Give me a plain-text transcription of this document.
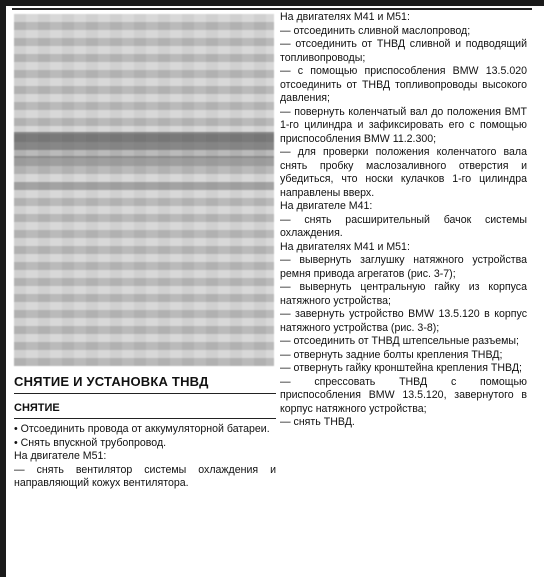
На двигателях М41 и М51:

— отсоединить сливной маслопровод;

— отсоединить от ТНВД сливной и подводящий топливопроводы;

— с помощью приспособления BMW 13.5.020 отсоединить от ТНВД топливопроводы высокого давления;

— повернуть коленчатый вал до положения ВМТ 1-го цилиндра и зафиксировать его с помощью приспособления BMW 11.2.300;

— для проверки положения коленчатого вала снять пробку маслозаливного отверстия и убедиться, что носки кулачков 1-го цилиндра направлены вверх.

На двигателе М41:

— снять расширительный бачок системы охлаждения.

На двигателях М41 и М51:

— вывернуть заглушку натяжного устройства ремня привода агрегатов (рис. 3-7);

— вывернуть центральную гайку из корпуса натяжного устройства;

— завернуть устройство BMW 13.5.120 в корпус натяжного устройства (рис. 3-8);

— отсоединить от ТНВД штепсельные разъемы;

— отвернуть задние болты крепления ТНВД;

— отвернуть гайку кронштейна крепления ТНВД;

— спрессовать ТНВД с помощью приспособления BMW 13.5.120, завернутого в корпус натяжного устройства;

— снять ТНВД.

СНЯТИЕ И УСТАНОВКА ТНВД

СНЯТИЕ

• Отсоединить провода от аккумуляторной батареи.

• Снять впускной трубопровод.

На двигателе М51:

— снять вентилятор системы охлаждения и направляющий кожух вентилятора.
